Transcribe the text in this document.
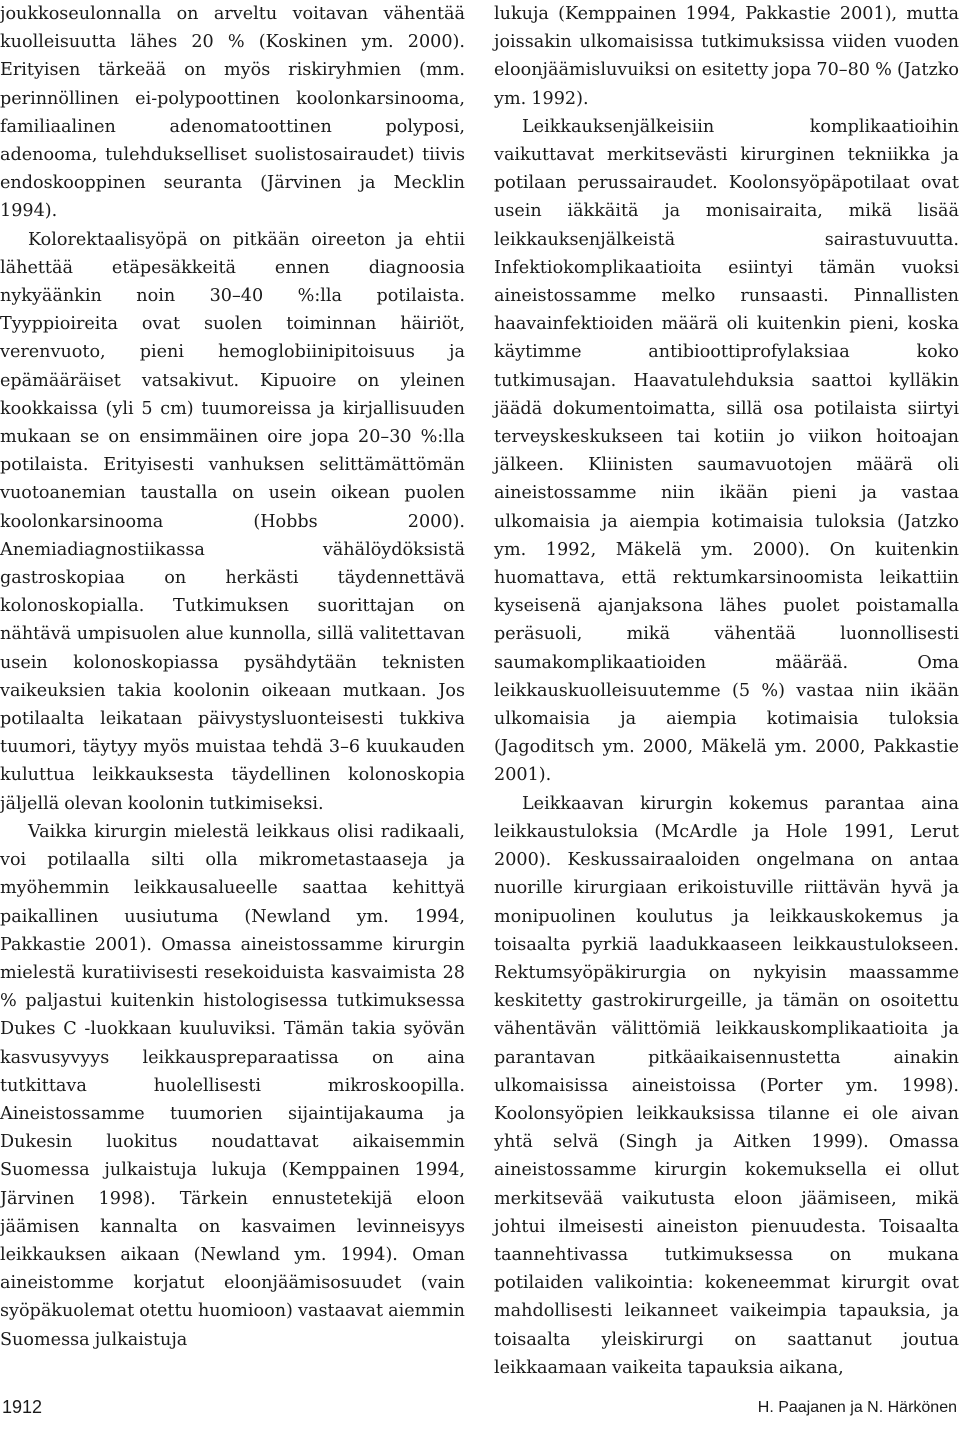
joukkoseulonnalla on arveltu voitavan vähentää kuolleisuutta lähes 20 % (Koskinen ym. 2000). Erityisen tärkeää on myös riskiryhmien (mm. perinnöllinen ei-polypoottinen koolonkarsinooma, familiaalinen adenomatoottinen polyposi, adenooma, tulehdukselliset suolistosairaudet) tiivis endoskooppinen seuranta (Järvinen ja Mecklin 1994).

Kolorektaalisyöpä on pitkään oireeton ja ehtii lähettää etäpesäkkeitä ennen diagnoosia nykyäänkin noin 30–40 %:lla potilaista. Tyyppioireita ovat suolen toiminnan häiriöt, verenvuoto, pieni hemoglobiinipitoisuus ja epämääräiset vatsakivut. Kipuoire on yleinen kookkaissa (yli 5 cm) tuumoreissa ja kirjallisuuden mukaan se on ensimmäinen oire jopa 20–30 %:lla potilaista. Erityisesti vanhuksen selittämättömän vuotoanemian taustalla on usein oikean puolen koolonkarsinooma (Hobbs 2000). Anemiadiagnostiikassa vähälöydöksistä gastroskopiaa on herkästi täydennettävä kolonoskopialla. Tutkimuksen suorittajan on nähtävä umpisuolen alue kunnolla, sillä valitettavan usein kolonoskopiassa pysähdytään teknisten vaikeuksien takia koolonin oikeaan mutkaan. Jos potilaalta leikataan päivystysluonteisesti tukkiva tuumori, täytyy myös muistaa tehdä 3–6 kuukauden kuluttua leikkauksesta täydellinen kolonoskopia jäljellä olevan koolonin tutkimiseksi.

Vaikka kirurgin mielestä leikkaus olisi radikaali, voi potilaalla silti olla mikrometastaaseja ja myöhemmin leikkausalueelle saattaa kehittyä paikallinen uusiutuma (Newland ym. 1994, Pakkastie 2001). Omassa aineistossamme kirurgin mielestä kuratiivisesti resekoiduista kasvaimista 28 % paljastui kuitenkin histologisessa tutkimuksessa Dukes C -luokkaan kuuluviksi. Tämän takia syövän kasvusyvyys leikkauspreparaatissa on aina tutkittava huolellisesti mikroskoopilla. Aineistossamme tuumorien sijaintijakauma ja Dukesin luokitus noudattavat aikaisemmin Suomessa julkaistuja lukuja (Kemppainen 1994, Järvinen 1998). Tärkein ennustetekijä eloon jäämisen kannalta on kasvaimen levinneisyys leikkauksen aikaan (Newland ym. 1994). Oman aineistomme korjatut eloonjäämisosuudet (vain syöpäkuolemat otettu huomioon) vastaavat aiemmin Suomessa julkaistuja

lukuja (Kemppainen 1994, Pakkastie 2001), mutta joissakin ulkomaisissa tutkimuksissa viiden vuoden eloonjäämisluvuiksi on esitetty jopa 70–80 % (Jatzko ym. 1992).

Leikkauksenjälkeisiin komplikaatioihin vaikuttavat merkitsevästi kirurginen tekniikka ja potilaan perussairaudet. Koolonsyöpäpotilaat ovat usein iäkkäitä ja monisairaita, mikä lisää leikkauksenjälkeistä sairastuvuutta. Infektiokomplikaatioita esiintyi tämän vuoksi aineistossamme melko runsaasti. Pinnallisten haavainfektioiden määrä oli kuitenkin pieni, koska käytimme antibioottiprofylaksiaa koko tutkimusajan. Haavatulehduksia saattoi kylläkin jäädä dokumentoimatta, sillä osa potilaista siirtyi terveyskeskukseen tai kotiin jo viikon hoitoajan jälkeen. Kliinisten saumavuotojen määrä oli aineistossamme niin ikään pieni ja vastaa ulkomaisia ja aiempia kotimaisia tuloksia (Jatzko ym. 1992, Mäkelä ym. 2000). On kuitenkin huomattava, että rektumkarsinoomista leikattiin kyseisenä ajanjaksona lähes puolet poistamalla peräsuoli, mikä vähentää luonnollisesti saumakomplikaatioiden määrää. Oma leikkauskuolleisuutemme (5 %) vastaa niin ikään ulkomaisia ja aiempia kotimaisia tuloksia (Jagoditsch ym. 2000, Mäkelä ym. 2000, Pakkastie 2001).

Leikkaavan kirurgin kokemus parantaa aina leikkaustuloksia (McArdle ja Hole 1991, Lerut 2000). Keskussairaaloiden ongelmana on antaa nuorille kirurgiaan erikoistuville riittävän hyvä ja monipuolinen koulutus ja leikkauskokemus ja toisaalta pyrkiä laadukkaaseen leikkaustulokseen. Rektumsyöpäkirurgia on nykyisin maassamme keskitetty gastrokirurgeille, ja tämän on osoitettu vähentävän välittömiä leikkauskomplikaatioita ja parantavan pitkäaikaisennustetta ainakin ulkomaisissa aineistoissa (Porter ym. 1998). Koolonsyöpien leikkauksissa tilanne ei ole aivan yhtä selvä (Singh ja Aitken 1999). Omassa aineistossamme kirurgin kokemuksella ei ollut merkitsevää vaikutusta eloon jäämiseen, mikä johtui ilmeisesti aineiston pienuudesta. Toisaalta taannehtivassa tutkimuksessa on mukana potilaiden valikointia: kokeneemmat kirurgit ovat mahdollisesti leikanneet vaikeimpia tapauksia, ja toisaalta yleiskirurgi on saattanut joutua leikkaamaan vaikeita tapauksia aikana,

1912	H. Paajanen ja N. Härkönen
